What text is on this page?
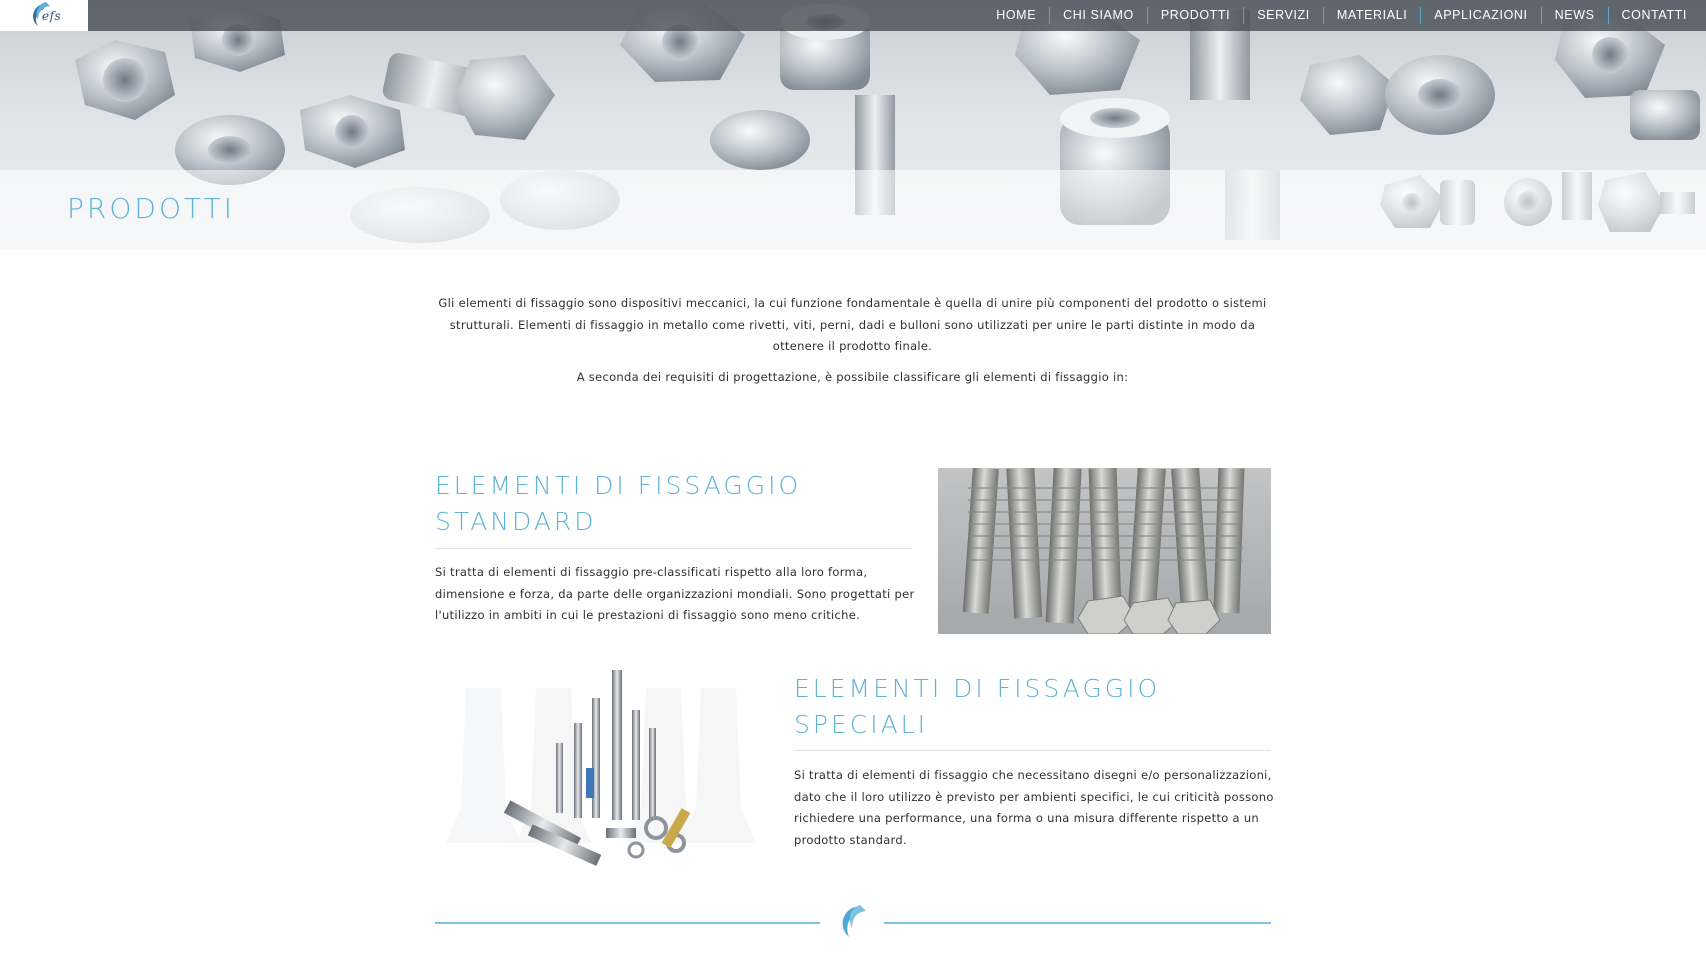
PRODOTTI
efs	HOME	CHI SIAMO	PRODOTTI	SERVIZI	MATERIALI	APPLICAZIONI	NEWS	CONTATTI

Gli elementi di fissaggio sono dispositivi meccanici, la cui funzione fondamentale è quella di unire più componenti del prodotto o sistemi strutturali. Elementi di fissaggio in metallo come rivetti, viti, perni, dadi e bulloni sono utilizzati per unire le parti distinte in modo da ottenere il prodotto finale.

A seconda dei requisiti di progettazione, è possibile classificare gli elementi di fissaggio in:

ELEMENTI DI FISSAGGIO
STANDARD
Si tratta di elementi di fissaggio pre-classificati rispetto alla loro forma, dimensione e forza, da parte delle organizzazioni mondiali. Sono progettati per l'utilizzo in ambiti in cui le prestazioni di fissaggio sono meno critiche.
ELEMENTI DI FISSAGGIO
SPECIALI
Si tratta di elementi di fissaggio che necessitano disegni e/o personalizzazioni, dato che il loro utilizzo è previsto per ambienti specifici, le cui criticità possono richiedere una performance, una forma o una misura differente rispetto a un prodotto standard.
